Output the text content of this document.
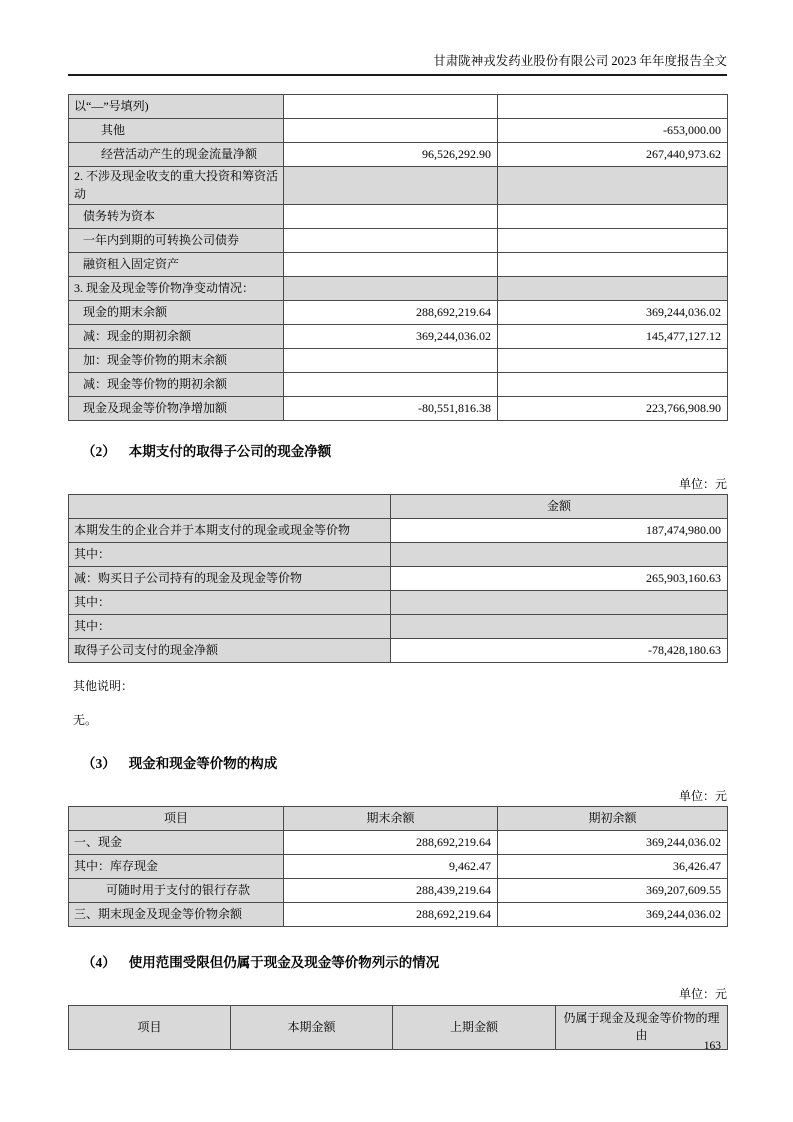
甘肃陇神戎发药业股份有限公司 2023 年年度报告全文
以“—”号填列)		
其他		-653,000.00
经营活动产生的现金流量净额	96,526,292.90	267,440,973.62
2. 不涉及现金收支的重大投资和筹资活动		
债务转为资本		
一年内到期的可转换公司债券		
融资租入固定资产		
3. 现金及现金等价物净变动情况：		
现金的期末余额	288,692,219.64	369,244,036.02
减：现金的期初余额	369,244,036.02	145,477,127.12
加：现金等价物的期末余额		
减：现金等价物的期初余额		
现金及现金等价物净增加额	-80,551,816.38	223,766,908.90
（2） 本期支付的取得子公司的现金净额
单位：元
	金额
本期发生的企业合并于本期支付的现金或现金等价物	187,474,980.00
其中：	
减：购买日子公司持有的现金及现金等价物	265,903,160.63
其中：	
其中：	
取得子公司支付的现金净额	-78,428,180.63
其他说明：
无。
（3） 现金和现金等价物的构成
单位：元
项目	期末余额	期初余额
一、现金	288,692,219.64	369,244,036.02
其中：库存现金	9,462.47	36,426.47
可随时用于支付的银行存款	288,439,219.64	369,207,609.55
三、期末现金及现金等价物余额	288,692,219.64	369,244,036.02
（4） 使用范围受限但仍属于现金及现金等价物列示的情况
单位：元
项目	本期金额	上期金额	仍属于现金及现金等价物的理由
163
